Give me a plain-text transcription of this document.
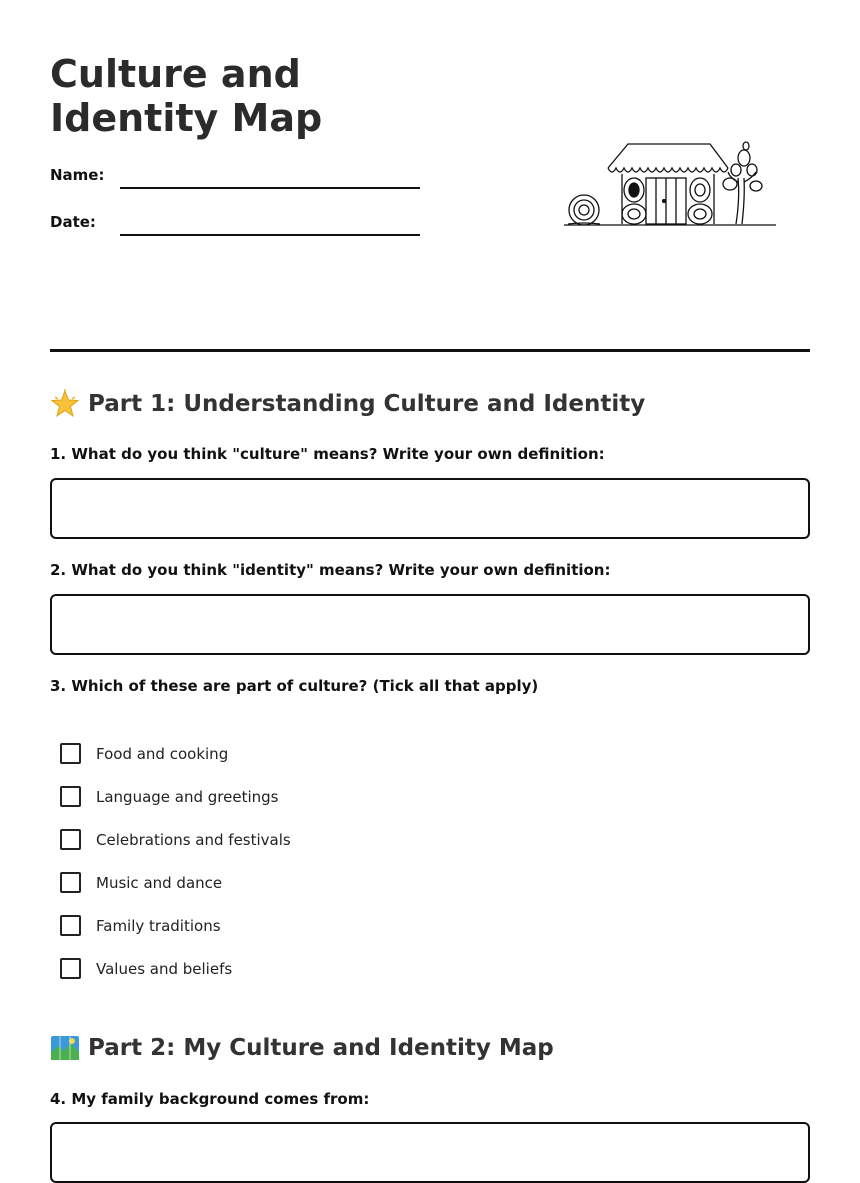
Culture and Identity Map
Name:
Date:
Part 1: Understanding Culture and Identity
1. What do you think "culture" means? Write your own definition:
2. What do you think "identity" means? Write your own definition:
3. Which of these are part of culture? (Tick all that apply)
Food and cooking
Language and greetings
Celebrations and festivals
Music and dance
Family traditions
Values and beliefs
Part 2: My Culture and Identity Map
4. My family background comes from:
